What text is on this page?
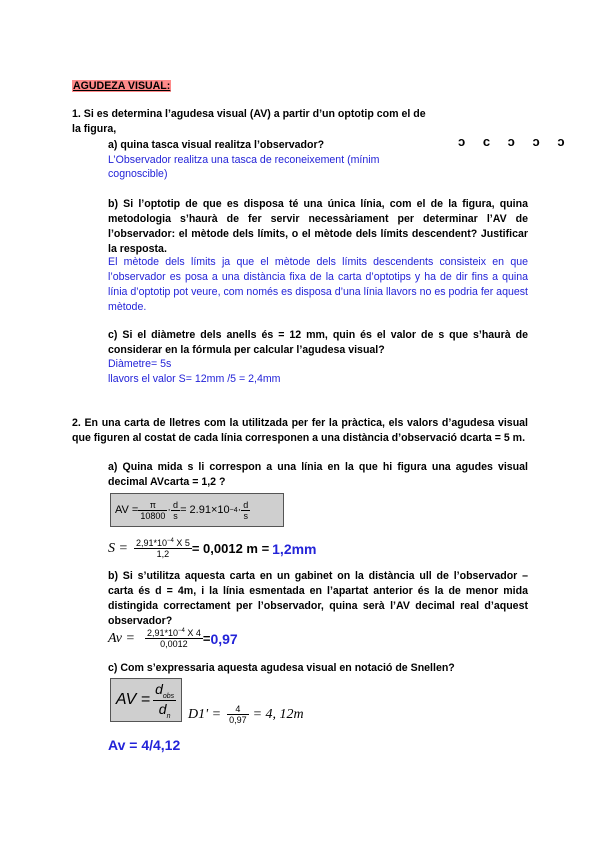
AGUDEZA VISUAL:
1. Si es determina l’agudesa visual (AV) a partir d’un optotip com el de
la figura,
ɔ c ɔ ɔ ɔ
a) quina tasca visual realitza l’observador?
L’Observador realitza una tasca de reconeixement (mínim
cognoscible)
b) Si l’optotip de que es disposa té una única línia, com el de la figura, quina metodologia s’haurà de fer servir necessàriament per determinar l’AV de l’observador: el mètode dels límits, o el mètode dels límits descendent? Justificar la resposta.
El mètode dels límits ja que el mètode dels límits descendents consisteix en que l’observador es posa a una distància fixa de la carta d’optotips y ha de dir fins a quina línia d’optotip pot veure, com només es disposa d’una línia llavors no es podria fer aquest mètode.
c) Si el diàmetre dels anells és = 12 mm, quin és el valor de s que s’haurà de considerar en la fórmula per calcular l’agudesa visual?
Diàmetre= 5s
llavors el valor S= 12mm /5 = 2,4mm
2. En una carta de lletres com la utilitzada per fer la pràctica, els valors d’agudesa visual que figuren al costat de cada línia corresponen a una distància d’observació dcarta = 5 m.
a) Quina mida s li correspon a una línia en la que hi figura una agudes visual decimal AVcarta = 1,2 ?
AV = $\frac{\pi}{10800} \cdot \frac{d}{s} = 2.91\times 10 -4 \cdot \frac{d}{s}$
$S = \frac{2,91*10^{-4} X 5}{1,2} = 0,0012$ m =
1,2mm
b) Si s’utilitza aquesta carta en un gabinet on la distància ull de l’observador – carta és d = 4m, i la línia esmentada en l’apartat anterior és la de menor mida distingida correctament per l’observador, quina serà l’AV decimal real d’aquest observador?
$Av = \frac{2,91*10^{-4} X 4}{0,0012} = 0,97$
c) Com s’expressaria aquesta agudesa visual en notació de Snellen?
AV = $\frac{d_{obs}}{d_n} D1' = \frac{4}{0,97} = 4$, 12m
Av = 4/4,12
